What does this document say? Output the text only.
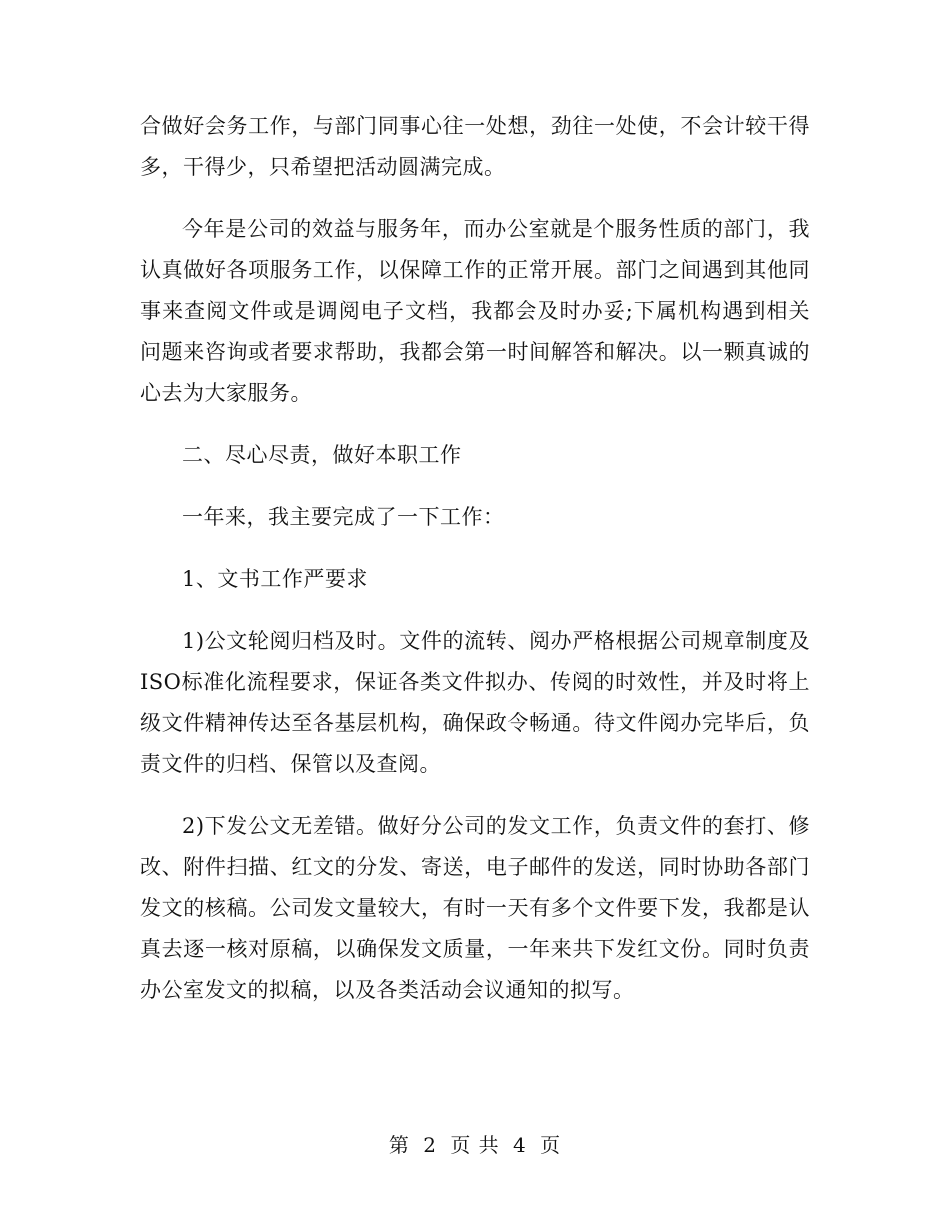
合做好会务工作，与部门同事心往一处想，劲往一处使，不会计较干得多，干得少，只希望把活动圆满完成。

今年是公司的效益与服务年，而办公室就是个服务性质的部门，我认真做好各项服务工作，以保障工作的正常开展。部门之间遇到其他同事来查阅文件或是调阅电子文档，我都会及时办妥;下属机构遇到相关问题来咨询或者要求帮助，我都会第一时间解答和解决。以一颗真诚的心去为大家服务。

二、尽心尽责，做好本职工作

一年来，我主要完成了一下工作：

1、文书工作严要求

1)公文轮阅归档及时。文件的流转、阅办严格根据公司规章制度及ISO标准化流程要求，保证各类文件拟办、传阅的时效性，并及时将上级文件精神传达至各基层机构，确保政令畅通。待文件阅办完毕后，负责文件的归档、保管以及查阅。

2)下发公文无差错。做好分公司的发文工作，负责文件的套打、修改、附件扫描、红文的分发、寄送，电子邮件的发送，同时协助各部门发文的核稿。公司发文量较大，有时一天有多个文件要下发，我都是认真去逐一核对原稿，以确保发文质量，一年来共下发红文份。同时负责办公室发文的拟稿，以及各类活动会议通知的拟写。

第 2 页 共 4 页
